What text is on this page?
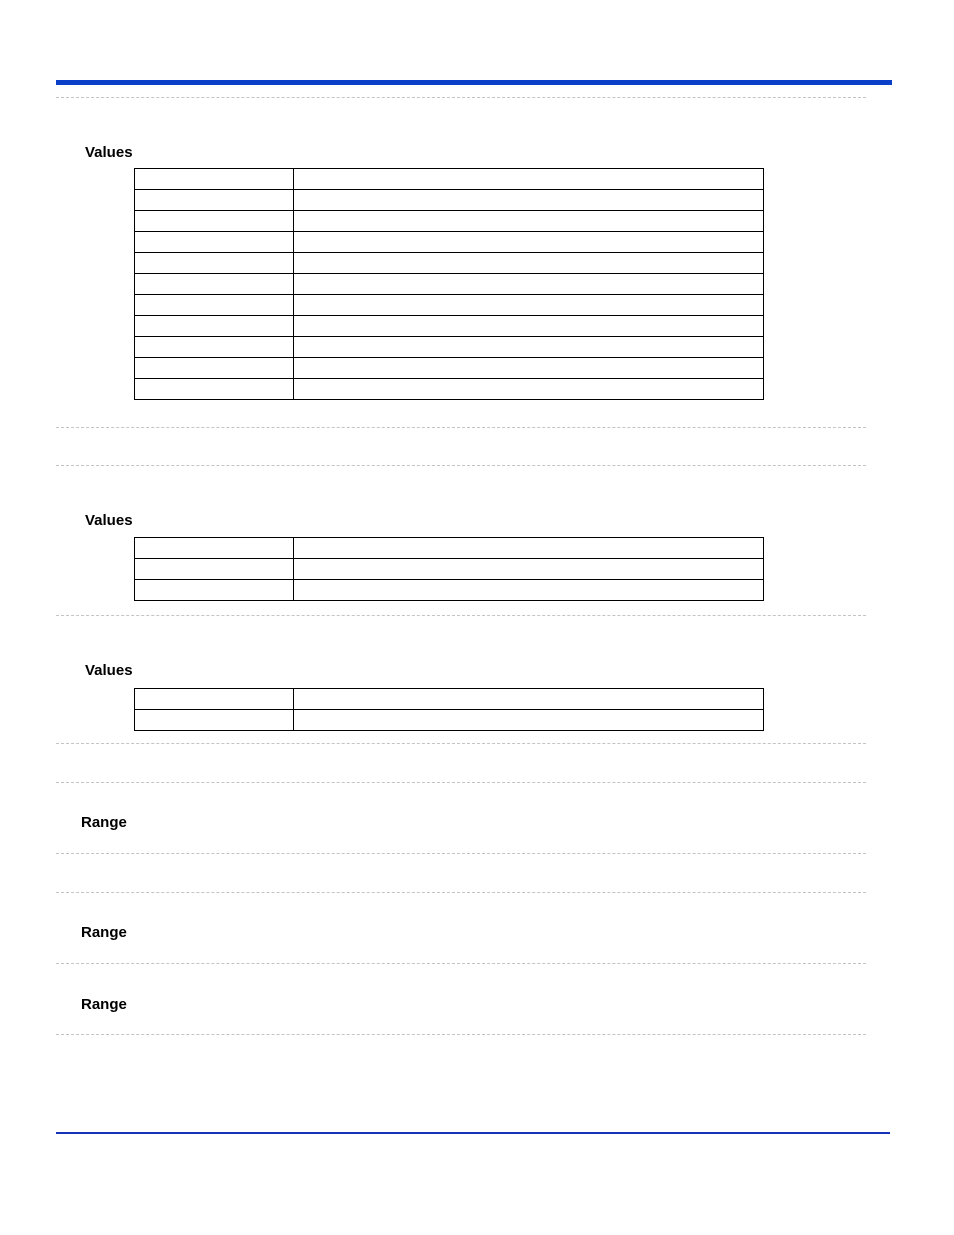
Values

Values

Values

Range
Range
Range
